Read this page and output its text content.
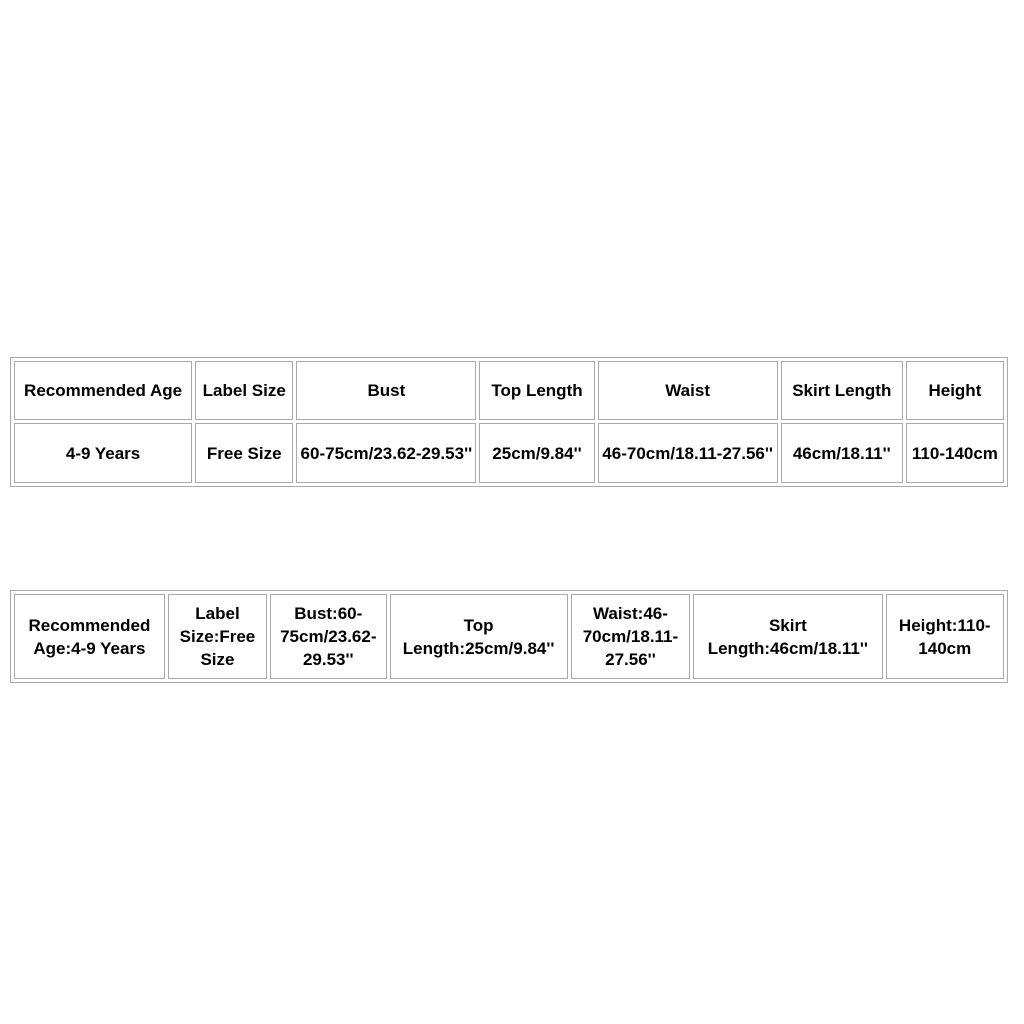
Recommended Age	Label Size	Bust	Top Length	Waist	Skirt Length	Height
4-9 Years	Free Size	60-75cm/23.62-29.53''	25cm/9.84''	46-70cm/18.11-27.56''	46cm/18.11''	110-140cm
Recommended Age:4-9 Years	Label Size:Free Size	Bust:60-75cm/23.62-29.53''	Top Length:25cm/9.84''	Waist:46-70cm/18.11-27.56''	Skirt Length:46cm/18.11''	Height:110-140cm
